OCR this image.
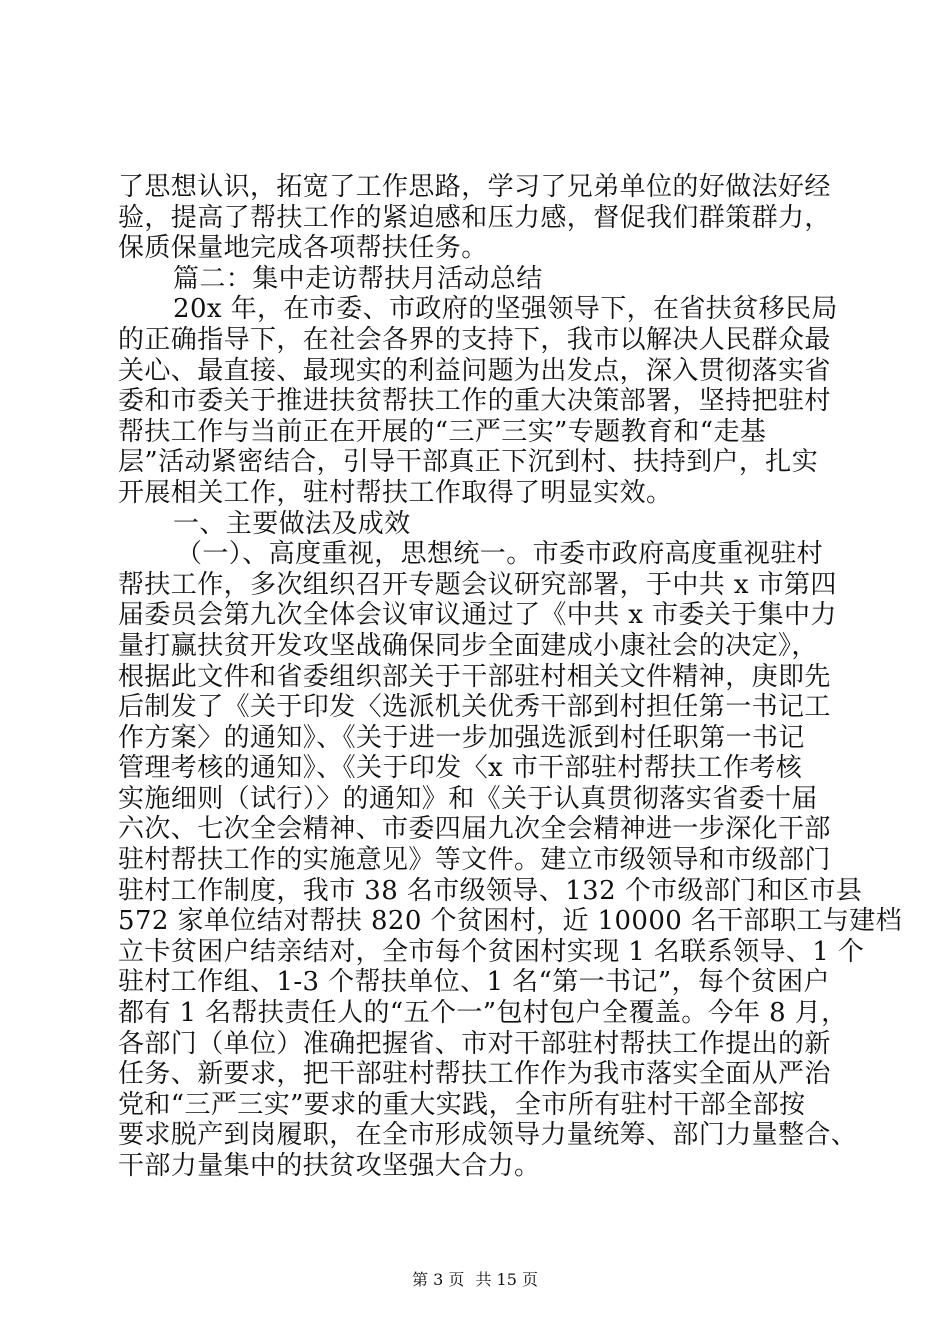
了思想认识，拓宽了工作思路，学习了兄弟单位的好做法好经
验，提高了帮扶工作的紧迫感和压力感，督促我们群策群力，
保质保量地完成各项帮扶任务。
篇二：集中走访帮扶月活动总结
20x 年，在市委、市政府的坚强领导下，在省扶贫移民局
的正确指导下，在社会各界的支持下，我市以解决人民群众最
关心、最直接、最现实的利益问题为出发点，深入贯彻落实省
委和市委关于推进扶贫帮扶工作的重大决策部署，坚持把驻村
帮扶工作与当前正在开展的“三严三实”专题教育和“走基
层”活动紧密结合，引导干部真正下沉到村、扶持到户，扎实
开展相关工作，驻村帮扶工作取得了明显实效。
一、主要做法及成效
（一）、高度重视，思想统一。市委市政府高度重视驻村
帮扶工作，多次组织召开专题会议研究部署，于中共 x 市第四
届委员会第九次全体会议审议通过了《中共 x 市委关于集中力
量打赢扶贫开发攻坚战确保同步全面建成小康社会的决定》，
根据此文件和省委组织部关于干部驻村相关文件精神，庚即先
后制发了《关于印发〈选派机关优秀干部到村担任第一书记工
作方案〉的通知》、《关于进一步加强选派到村任职第一书记
管理考核的通知》、《关于印发〈x 市干部驻村帮扶工作考核
实施细则（试行）〉的通知》和《关于认真贯彻落实省委十届
六次、七次全会精神、市委四届九次全会精神进一步深化干部
驻村帮扶工作的实施意见》等文件。建立市级领导和市级部门
驻村工作制度，我市 38 名市级领导、132 个市级部门和区市县
572 家单位结对帮扶 820 个贫困村，近 10000 名干部职工与建档
立卡贫困户结亲结对，全市每个贫困村实现 1 名联系领导、1 个
驻村工作组、1-3 个帮扶单位、1 名“第一书记”，每个贫困户
都有 1 名帮扶责任人的“五个一”包村包户全覆盖。今年 8 月，
各部门（单位）准确把握省、市对干部驻村帮扶工作提出的新
任务、新要求，把干部驻村帮扶工作作为我市落实全面从严治
党和“三严三实”要求的重大实践，全市所有驻村干部全部按
要求脱产到岗履职，在全市形成领导力量统筹、部门力量整合、
干部力量集中的扶贫攻坚强大合力。
第 3 页 共 15 页
